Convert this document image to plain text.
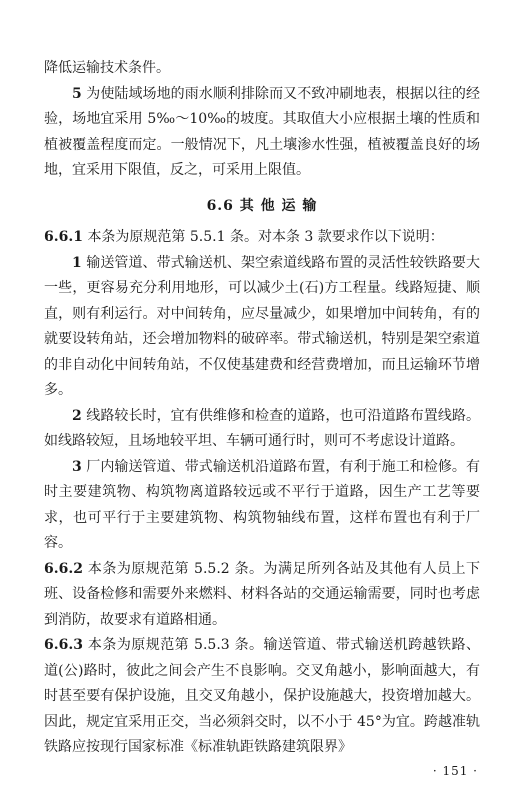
降低运输技术条件。

5 为使陆域场地的雨水顺利排除而又不致冲刷地表，根据以往的经验，场地宜采用 5‰～10‰的坡度。其取值大小应根据土壤的性质和植被覆盖程度而定。一般情况下，凡土壤渗水性强，植被覆盖良好的场地，宜采用下限值，反之，可采用上限值。

6.6 其 他 运 输

6.6.1 本条为原规范第 5.5.1 条。对本条 3 款要求作以下说明：

1 输送管道、带式输送机、架空索道线路布置的灵活性较铁路要大一些，更容易充分利用地形，可以减少土(石)方工程量。线路短捷、顺直，则有利运行。对中间转角，应尽量减少，如果增加中间转角，有的就要设转角站，还会增加物料的破碎率。带式输送机，特别是架空索道的非自动化中间转角站，不仅使基建费和经营费增加，而且运输环节增多。

2 线路较长时，宜有供维修和检查的道路，也可沿道路布置线路。如线路较短，且场地较平坦、车辆可通行时，则可不考虑设计道路。

3 厂内输送管道、带式输送机沿道路布置，有利于施工和检修。有时主要建筑物、构筑物离道路较远或不平行于道路，因生产工艺等要求，也可平行于主要建筑物、构筑物轴线布置，这样布置也有利于厂容。

6.6.2 本条为原规范第 5.5.2 条。为满足所列各站及其他有人员上下班、设备检修和需要外来燃料、材料各站的交通运输需要，同时也考虑到消防，故要求有道路相通。

6.6.3 本条为原规范第 5.5.3 条。输送管道、带式输送机跨越铁路、道(公)路时，彼此之间会产生不良影响。交叉角越小，影响面越大，有时甚至要有保护设施，且交叉角越小，保护设施越大，投资增加越大。因此，规定宜采用正交，当必须斜交时，以不小于 45°为宜。跨越准轨铁路应按现行国家标准《标准轨距铁路建筑限界》

· 151 ·
